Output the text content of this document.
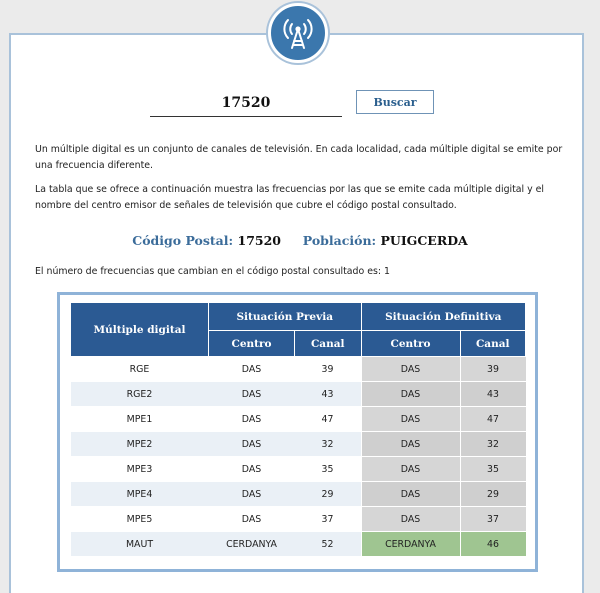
17520
Buscar

Un múltiple digital es un conjunto de canales de televisión. En cada localidad, cada múltiple digital se emite por una frecuencia diferente.

La tabla que se ofrece a continuación muestra las frecuencias por las que se emite cada múltiple digital y el nombre del centro emisor de señales de televisión que cubre el código postal consultado.

Código Postal: 17520 Población: PUIGCERDA
El número de frecuencias que cambian en el código postal consultado es: 1
Múltiple digital	Situación Previa		Situación Definitiva	
	Centro	Canal	Centro	Canal
RGE	DAS	39	DAS	39
RGE2	DAS	43	DAS	43
MPE1	DAS	47	DAS	47
MPE2	DAS	32	DAS	32
MPE3	DAS	35	DAS	35
MPE4	DAS	29	DAS	29
MPE5	DAS	37	DAS	37
MAUT	CERDANYA	52	CERDANYA	46
